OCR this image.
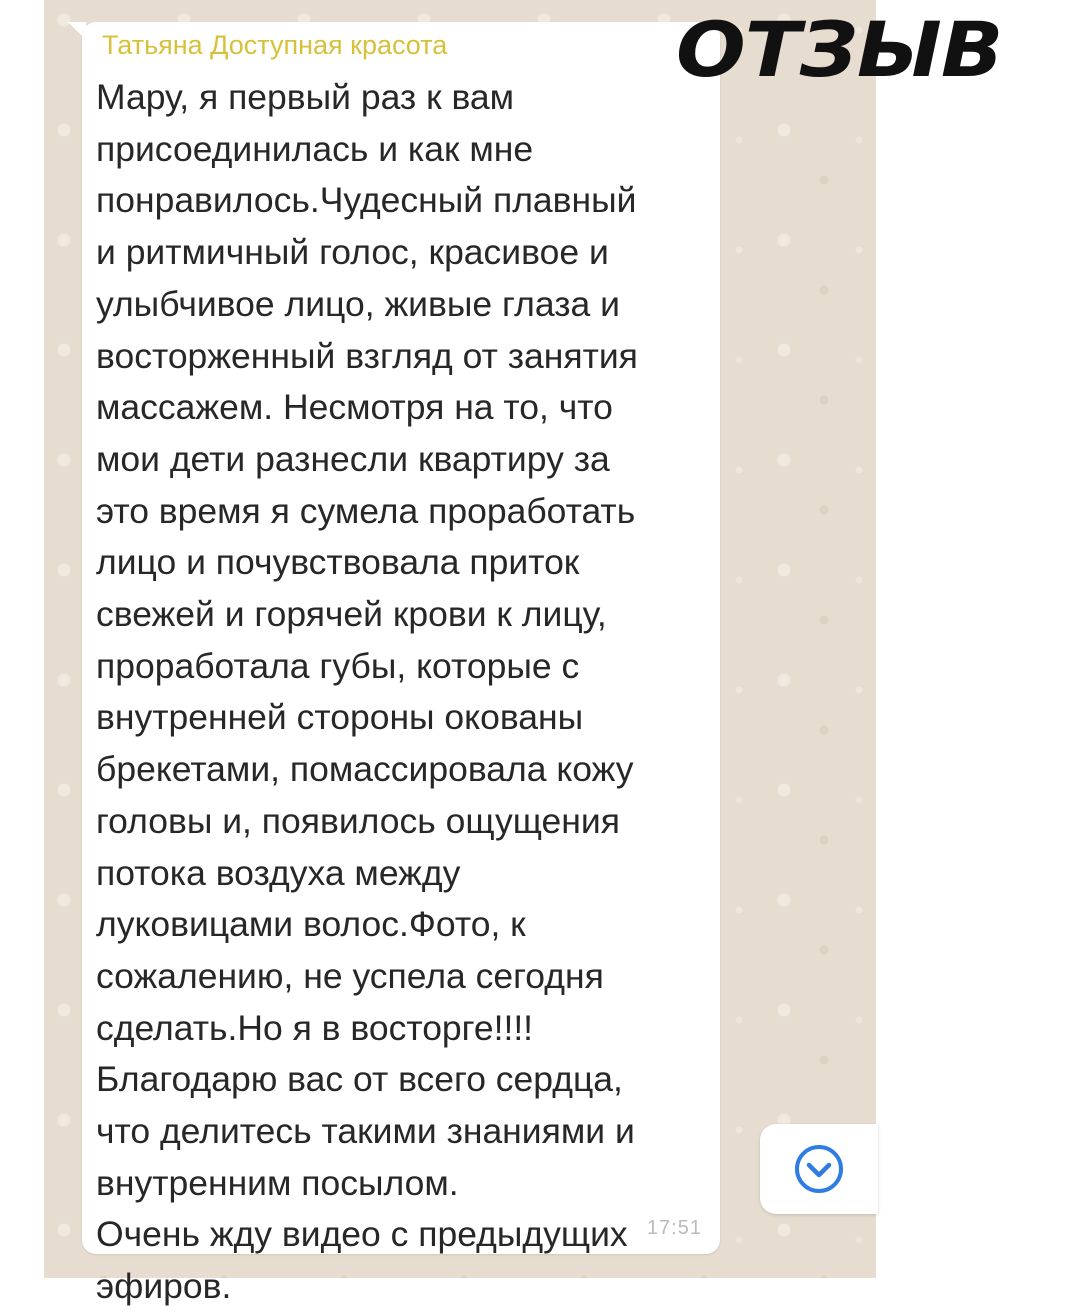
Татьяна Доступная красота

Мару, я первый раз к вам
присоединилась и как мне
понравилось.Чудесный плавный
и ритмичный голос, красивое и
улыбчивое лицо, живые глаза и
восторженный взгляд от занятия
массажем. Несмотря на то, что
мои дети разнесли квартиру за
это время я сумела проработать
лицо и почувствовала приток
свежей и горячей крови к лицу,
проработала губы, которые с
внутренней стороны окованы
брекетами, помассировала кожу
головы и, появилось ощущения
потока воздуха между
луковицами волос.Фото, к
сожалению, не успела сегодня
сделать.Но я в восторге!!!!
Благодарю вас от всего сердца,
что делитесь такими знаниями и
внутренним посылом.
Очень жду видео с предыдущих
эфиров.

17:51
ОТЗЫВ
